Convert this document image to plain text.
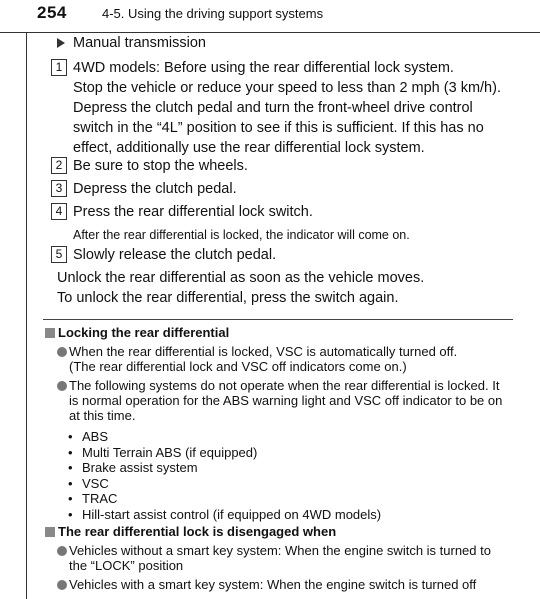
254	4-5. Using the driving support systems
Manual transmission
1 4WD models: Before using the rear differential lock system.
Stop the vehicle or reduce your speed to less than 2 mph (3 km/h).
Depress the clutch pedal and turn the front-wheel drive control
switch in the “4L” position to see if this is sufficient. If this has no
effect, additionally use the rear differential lock system.
2 Be sure to stop the wheels.
3 Depress the clutch pedal.
4 Press the rear differential lock switch.
After the rear differential is locked, the indicator will come on.
5 Slowly release the clutch pedal.
Unlock the rear differential as soon as the vehicle moves.
To unlock the rear differential, press the switch again.
Locking the rear differential
When the rear differential is locked, VSC is automatically turned off.
(The rear differential lock and VSC off indicators come on.)
The following systems do not operate when the rear differential is locked. It
is normal operation for the ABS warning light and VSC off indicator to be on
at this time.
• ABS
• Multi Terrain ABS (if equipped)
• Brake assist system
• VSC
• TRAC
• Hill-start assist control (if equipped on 4WD models)
The rear differential lock is disengaged when
Vehicles without a smart key system: When the engine switch is turned to
the “LOCK” position
Vehicles with a smart key system: When the engine switch is turned off
